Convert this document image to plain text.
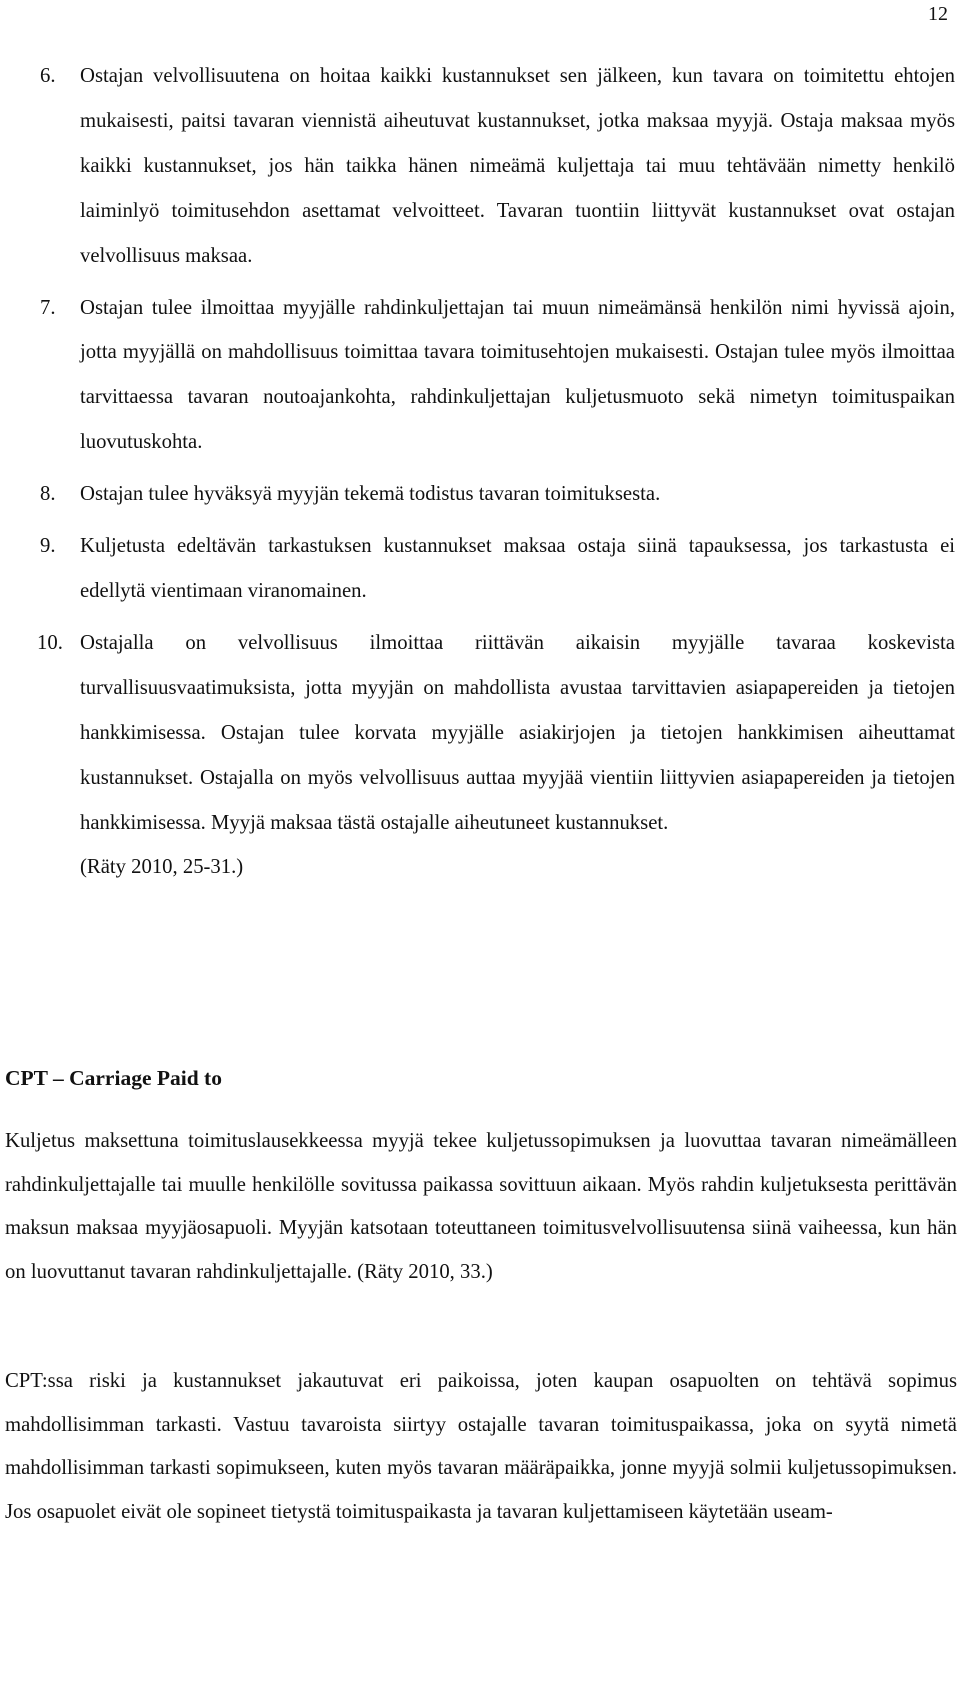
12
6. Ostajan velvollisuutena on hoitaa kaikki kustannukset sen jälkeen, kun tavara on toimitettu ehtojen mukaisesti, paitsi tavaran viennistä aiheutuvat kustannukset, jotka maksaa myyjä. Ostaja maksaa myös kaikki kustannukset, jos hän taikka hänen nimeämä kuljettaja tai muu tehtävään nimetty henkilö laiminlyö toimitusehdon asettamat velvoitteet. Tavaran tuontiin liittyvät kustannukset ovat ostajan velvollisuus maksaa.
7. Ostajan tulee ilmoittaa myyjälle rahdinkuljettajan tai muun nimeämänsä henkilön nimi hyvissä ajoin, jotta myyjällä on mahdollisuus toimittaa tavara toimitusehtojen mukaisesti. Ostajan tulee myös ilmoittaa tarvittaessa tavaran noutoajankohta, rahdinkuljettajan kuljetusmuoto sekä nimetyn toimituspaikan luovutuskohta.
8. Ostajan tulee hyväksyä myyjän tekemä todistus tavaran toimituksesta.
9. Kuljetusta edeltävän tarkastuksen kustannukset maksaa ostaja siinä tapauksessa, jos tarkastusta ei edellytä vientimaan viranomainen.
10. Ostajalla on velvollisuus ilmoittaa riittävän aikaisin myyjälle tavaraa koskevista turvallisuusvaatimuksista, jotta myyjän on mahdollista avustaa tarvittavien asiapapereiden ja tietojen hankkimisessa. Ostajan tulee korvata myyjälle asiakirjojen ja tietojen hankkimisen aiheuttamat kustannukset. Ostajalla on myös velvollisuus auttaa myyjää vientiin liittyvien asiapapereiden ja tietojen hankkimisessa. Myyjä maksaa tästä ostajalle aiheutuneet kustannukset.
(Räty 2010, 25-31.)
CPT – Carriage Paid to

Kuljetus maksettuna toimituslausekkeessa myyjä tekee kuljetussopimuksen ja luovuttaa tavaran nimeämälleen rahdinkuljettajalle tai muulle henkilölle sovitussa paikassa sovittuun aikaan. Myös rahdin kuljetuksesta perittävän maksun maksaa myyjäosapuoli. Myyjän katsotaan toteuttaneen toimitusvelvollisuutensa siinä vaiheessa, kun hän on luovuttanut tavaran rahdinkuljettajalle. (Räty 2010, 33.)

CPT:ssa riski ja kustannukset jakautuvat eri paikoissa, joten kaupan osapuolten on tehtävä sopimus mahdollisimman tarkasti. Vastuu tavaroista siirtyy ostajalle tavaran toimituspaikassa, joka on syytä nimetä mahdollisimman tarkasti sopimukseen, kuten myös tavaran määräpaikka, jonne myyjä solmii kuljetussopimuksen. Jos osapuolet eivät ole sopineet tietystä toimituspaikasta ja tavaran kuljettamiseen käytetään useam-
